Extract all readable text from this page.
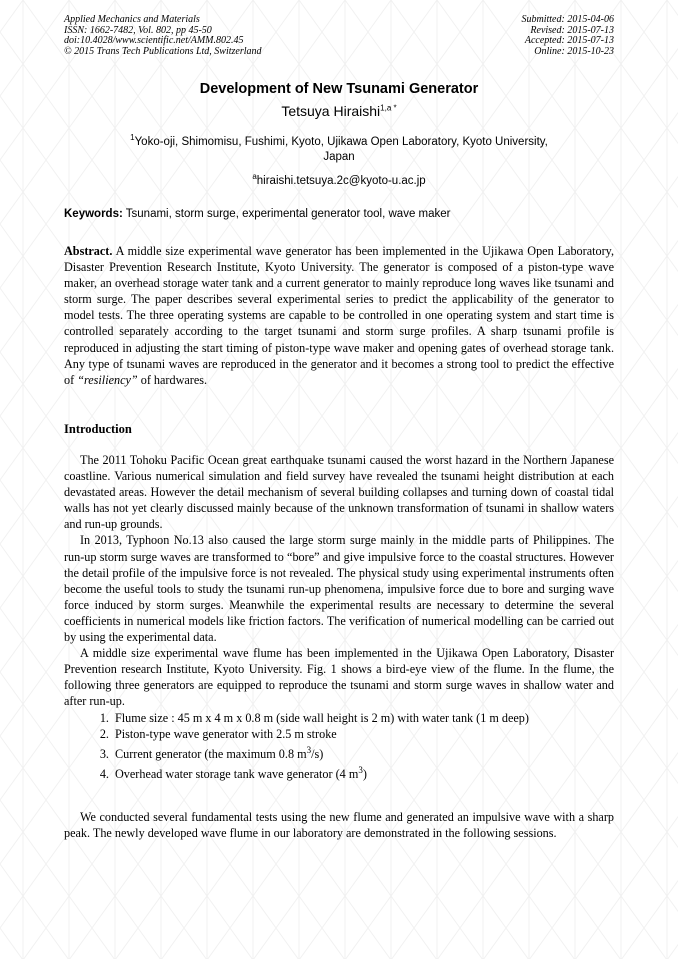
Applied Mechanics and Materials
ISSN: 1662-7482, Vol. 802, pp 45-50
doi:10.4028/www.scientific.net/AMM.802.45
© 2015 Trans Tech Publications Ltd, Switzerland
Submitted: 2015-04-06
Revised: 2015-07-13
Accepted: 2015-07-13
Online: 2015-10-23
Development of New Tsunami Generator
Tetsuya Hiraishi$^{1,a *}$
$^1$Yoko-oji, Shimomisu, Fushimi, Kyoto, Ujikawa Open Laboratory, Kyoto University, Japan
$^a$hiraishi.tetsuya.2c@kyoto-u.ac.jp
Keywords: Tsunami, storm surge, experimental generator tool, wave maker
Abstract. A middle size experimental wave generator has been implemented in the Ujikawa Open Laboratory, Disaster Prevention Research Institute, Kyoto University. The generator is composed of a piston-type wave maker, an overhead storage water tank and a current generator to mainly reproduce long waves like tsunami and storm surge. The paper describes several experimental series to predict the applicability of the generator to model tests. The three operating systems are capable to be controlled in one operating system and start time is controlled separately according to the target tsunami and storm surge profiles. A sharp tsunami profile is reproduced in adjusting the start timing of piston-type wave maker and opening gates of overhead storage tank. Any type of tsunami waves are reproduced in the generator and it becomes a strong tool to predict the effective of “resiliency” of hardwares.
Introduction

The 2011 Tohoku Pacific Ocean great earthquake tsunami caused the worst hazard in the Northern Japanese coastline. Various numerical simulation and field survey have revealed the tsunami height distribution at each devastated areas. However the detail mechanism of several building collapses and turning down of coastal tidal walls has not yet clearly discussed mainly because of the unknown transformation of tsunami in shallow waters and run-up grounds.

In 2013, Typhoon No.13 also caused the large storm surge mainly in the middle parts of Philippines. The run-up storm surge waves are transformed to “bore” and give impulsive force to the coastal structures. However the detail profile of the impulsive force is not revealed. The physical study using experimental instruments often become the useful tools to study the tsunami run-up phenomena, impulsive force due to bore and surging wave force induced by storm surges. Meanwhile the experimental results are necessary to determine the several coefficients in numerical models like friction factors. The verification of numerical modelling can be carried out by using the experimental data.

A middle size experimental wave flume has been implemented in the Ujikawa Open Laboratory, Disaster Prevention research Institute, Kyoto University. Fig. 1 shows a bird-eye view of the flume. In the flume, the following three generators are equipped to reproduce the tsunami and storm surge waves in shallow water and after run-up.

1. Flume size : 45 m x 4 m x 0.8 m (side wall height is 2 m) with water tank (1 m deep)
2. Piston-type wave generator with 2.5 m stroke
3. Current generator (the maximum 0.8 $m^3/s$)
4. Overhead water storage tank wave generator (4 $m^3$)

We conducted several fundamental tests using the new flume and generated an impulsive wave with a sharp peak. The newly developed wave flume in our laboratory are demonstrated in the following sessions.
